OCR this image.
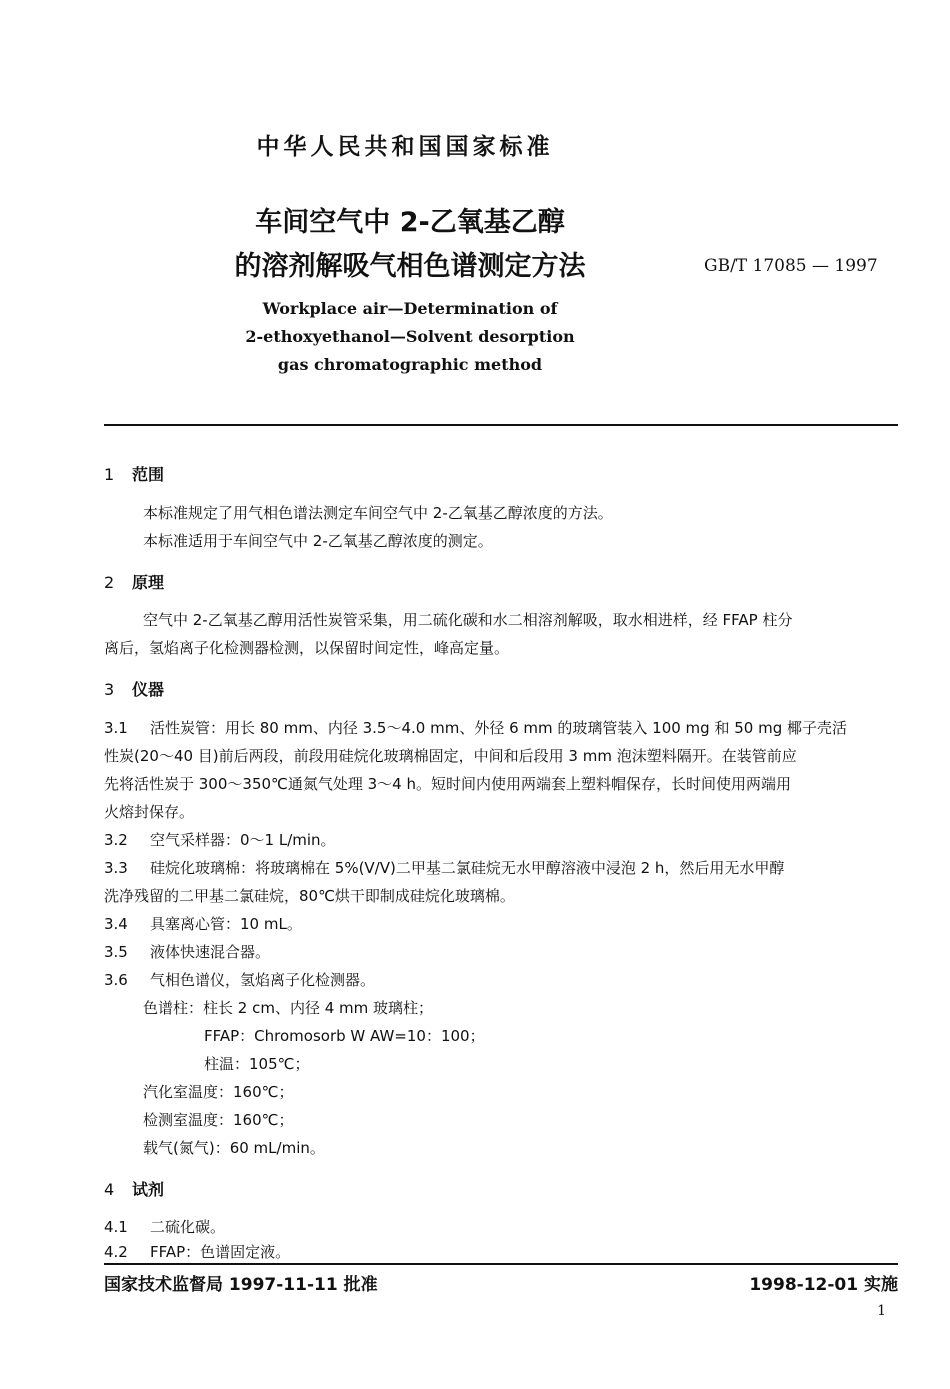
中华人民共和国国家标准
车间空气中 2-乙氧基乙醇
的溶剂解吸气相色谱测定方法	GB/T 17085 — 1997
Workplace air—Determination of
2-ethoxyethanol—Solvent desorption
gas chromatographic method
1 范围
本标准规定了用气相色谱法测定车间空气中 2-乙氧基乙醇浓度的方法。
本标准适用于车间空气中 2-乙氧基乙醇浓度的测定。
2 原理
空气中 2-乙氧基乙醇用活性炭管采集，用二硫化碳和水二相溶剂解吸，取水相进样，经 FFAP 柱分
离后，氢焰离子化检测器检测，以保留时间定性，峰高定量。
3 仪器
3.1 活性炭管：用长 80 mm、内径 3.5～4.0 mm、外径 6 mm 的玻璃管装入 100 mg 和 50 mg 椰子壳活
性炭(20～40 目)前后两段，前段用硅烷化玻璃棉固定，中间和后段用 3 mm 泡沫塑料隔开。在装管前应
先将活性炭于 300～350℃通氮气处理 3～4 h。短时间内使用两端套上塑料帽保存，长时间使用两端用
火熔封保存。
3.2 空气采样器：0～1 L/min。
3.3 硅烷化玻璃棉：将玻璃棉在 5%(V/V)二甲基二氯硅烷无水甲醇溶液中浸泡 2 h，然后用无水甲醇
洗净残留的二甲基二氯硅烷，80℃烘干即制成硅烷化玻璃棉。
3.4 具塞离心管：10 mL。
3.5 液体快速混合器。
3.6 气相色谱仪，氢焰离子化检测器。
色谱柱：柱长 2 cm、内径 4 mm 玻璃柱；
FFAP：Chromosorb W AW=10：100；
柱温：105℃；
汽化室温度：160℃；
检测室温度：160℃；
载气(氮气)：60 mL/min。
4 试剂
4.1 二硫化碳。
4.2 FFAP：色谱固定液。
国家技术监督局 1997-11-11 批准	1998-12-01 实施
1
